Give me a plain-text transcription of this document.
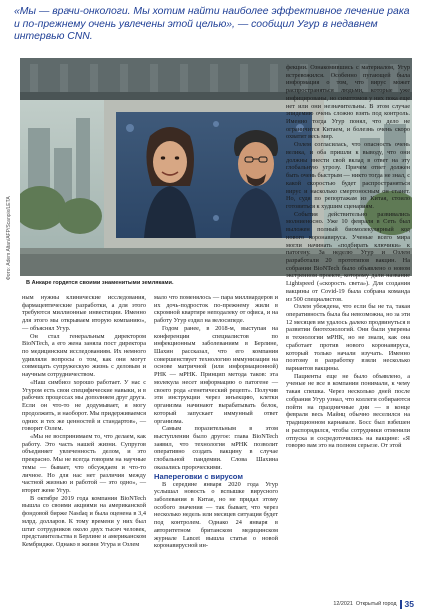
«Мы — врачи-онкологи. Мы хотим найти наиболее эффективное лечение рака и по-прежнему очень увлечены этой целью», — сообщил Угур в недавнем интервью CNN.
Фото: Adem Altan/AFP/Scanpix/LETA
В Анкаре гордятся своими знаменитыми земляками.

ным нужны клинические исследования, фармацевтические разработки, а для этого требуются миллионные инвестиции. Именно для этого мы открываем вторую компанию», — объяснял Угур.

Он стал генеральным директором BioNTech, а его жена заняла пост директора по медицинским исследованиям. Их немного удивляли вопросы о том, как они могут совмещать супружескую жизнь с деловым и научным сотрудничеством.

«Наш симбиоз хорошо работает. У нас с Угуром есть свои специфические навыки, и в рабочих процессах мы дополняем друг друга. Если он что-то не додумывает, я могу продолжить, и наоборот. Мы придерживаемся одних и тех же ценностей и стандартов», — говорит Озлем.

«Мы не воспринимаем то, что делаем, как работу. Это часть нашей жизни. Супругов объединяет увлеченность делом, и это прекрасно. Мы не всегда говорим на научные темы — бывает, что обсуждаем и что-то личное. Но для нас нет различия между частной жизнью и работой — это одно», — вторит жене Угур.

В октябре 2019 года компания BioNTech вышла со своими акциями на американской фондовой бирже Nasdaq и была оценена в 3,4 млрд. долларов. К тому времени у них был штат сотрудников около двух тысяч человек, представительства в Берлине и американском Кембридже. Однако в жизни Угура и Озлем

мало что поменялось — пара миллиардеров и их дочь-подросток по-прежнему жили в скромной квартире неподалеку от офиса, и на работу Угур ездил на велосипеде.

Годом ранее, в 2018-м, выступая на конференции специалистов по инфекционным заболеваниям в Берлине, Шахин рассказал, что его компания совершенствует технологию иммунизации на основе матричной (или информационной) РНК — мРНК. Принцип метода таков: эта молекула несет информацию о патогене — своего рода «генетический рецепт». Получив эти инструкции через инъекцию, клетки организма начинают вырабатывать белок, который запускает иммунный ответ организма.

Самым поразительным в этом выступлении было другое: глава BioNTech заявил, что технология мРНК позволит оперативно создать вакцину в случае глобальной пандемии. Слова Шахина оказались пророческими.

Напереговки с вирусом

В середине января 2020 года Угур услышал новость о вспышке вирусного заболевания в Китае, но не придал этому особого значения — так бывает, что через несколько недель или месяцев ситуация будет под контролем. Однако 24 января в авторитетном британском медицинском журнале Lancet вышла статья о новой коронавирусной ин-

фекции. Ознакомившись с материалом, Угур встревожился. Особенно пугающей была информация о том, что вирус может распространяться людьми, которые уже инфицированы, но симптомов у них пока еще нет или они незначительны. В этом случае эпидемию очень сложно взять под контроль. Именно тогда Угур понял, что дело не ограничится Китаем, и болезнь очень скоро охватит весь мир.

Озлем согласилась, что опасность очень велика, и оба пришли к выводу, что они должны внести свой вклад в ответ на эту глобальную угрозу. Причем ответ должен быть очень быстрым — никто тогда не знал, с какой скоростью будет распространяться вирус и насколько смертоносным он станет. Но, судя по репортажам из Китая, стоило готовиться к худшим сценариям.

События действительно развивались молниеносно. Уже 10 февраля в Сеть был выложен полный биомолекулярный код нового коронавируса. Ученые всего мира могли начинать «подбирать ключики» к патогену. За неделю Угур и Озлем разработали 20 прототипов вакцин. На собрании BioNTech было объявлено о новом экстренном проекте, которому дали название Lightspeed («скорость света»). Для создания вакцины от Covid-19 была собрана команда из 500 специалистов.

Озлем убеждена, что если бы не та, такая оперативность была бы невозможна, но за эти 12 месяцев им удалось далеко продвинуться в развитии биотехнологий. Они были уверены в технологии мРНК, но не знали, как она сработает против нового коронавируса, который только начали изучать. Именно поэтому в разработку взяли несколько вариантов вакцины.

Пациенты еще не было объявлено, а ученые не все в компании понимали, к чему такая спешка. Через несколько дней после собрания Угур узнал, что коллеги собираются пойти на праздничные дни — в конце февраля весь Майнц обычно веселился на традиционном карнавале. Босс был взбешен и распорядился, чтобы сотрудники отменили отпуска и сосредоточились на вакцине: «Я говорю вам это на полном серьезе. От этой

12/2021 Открытый город 35
